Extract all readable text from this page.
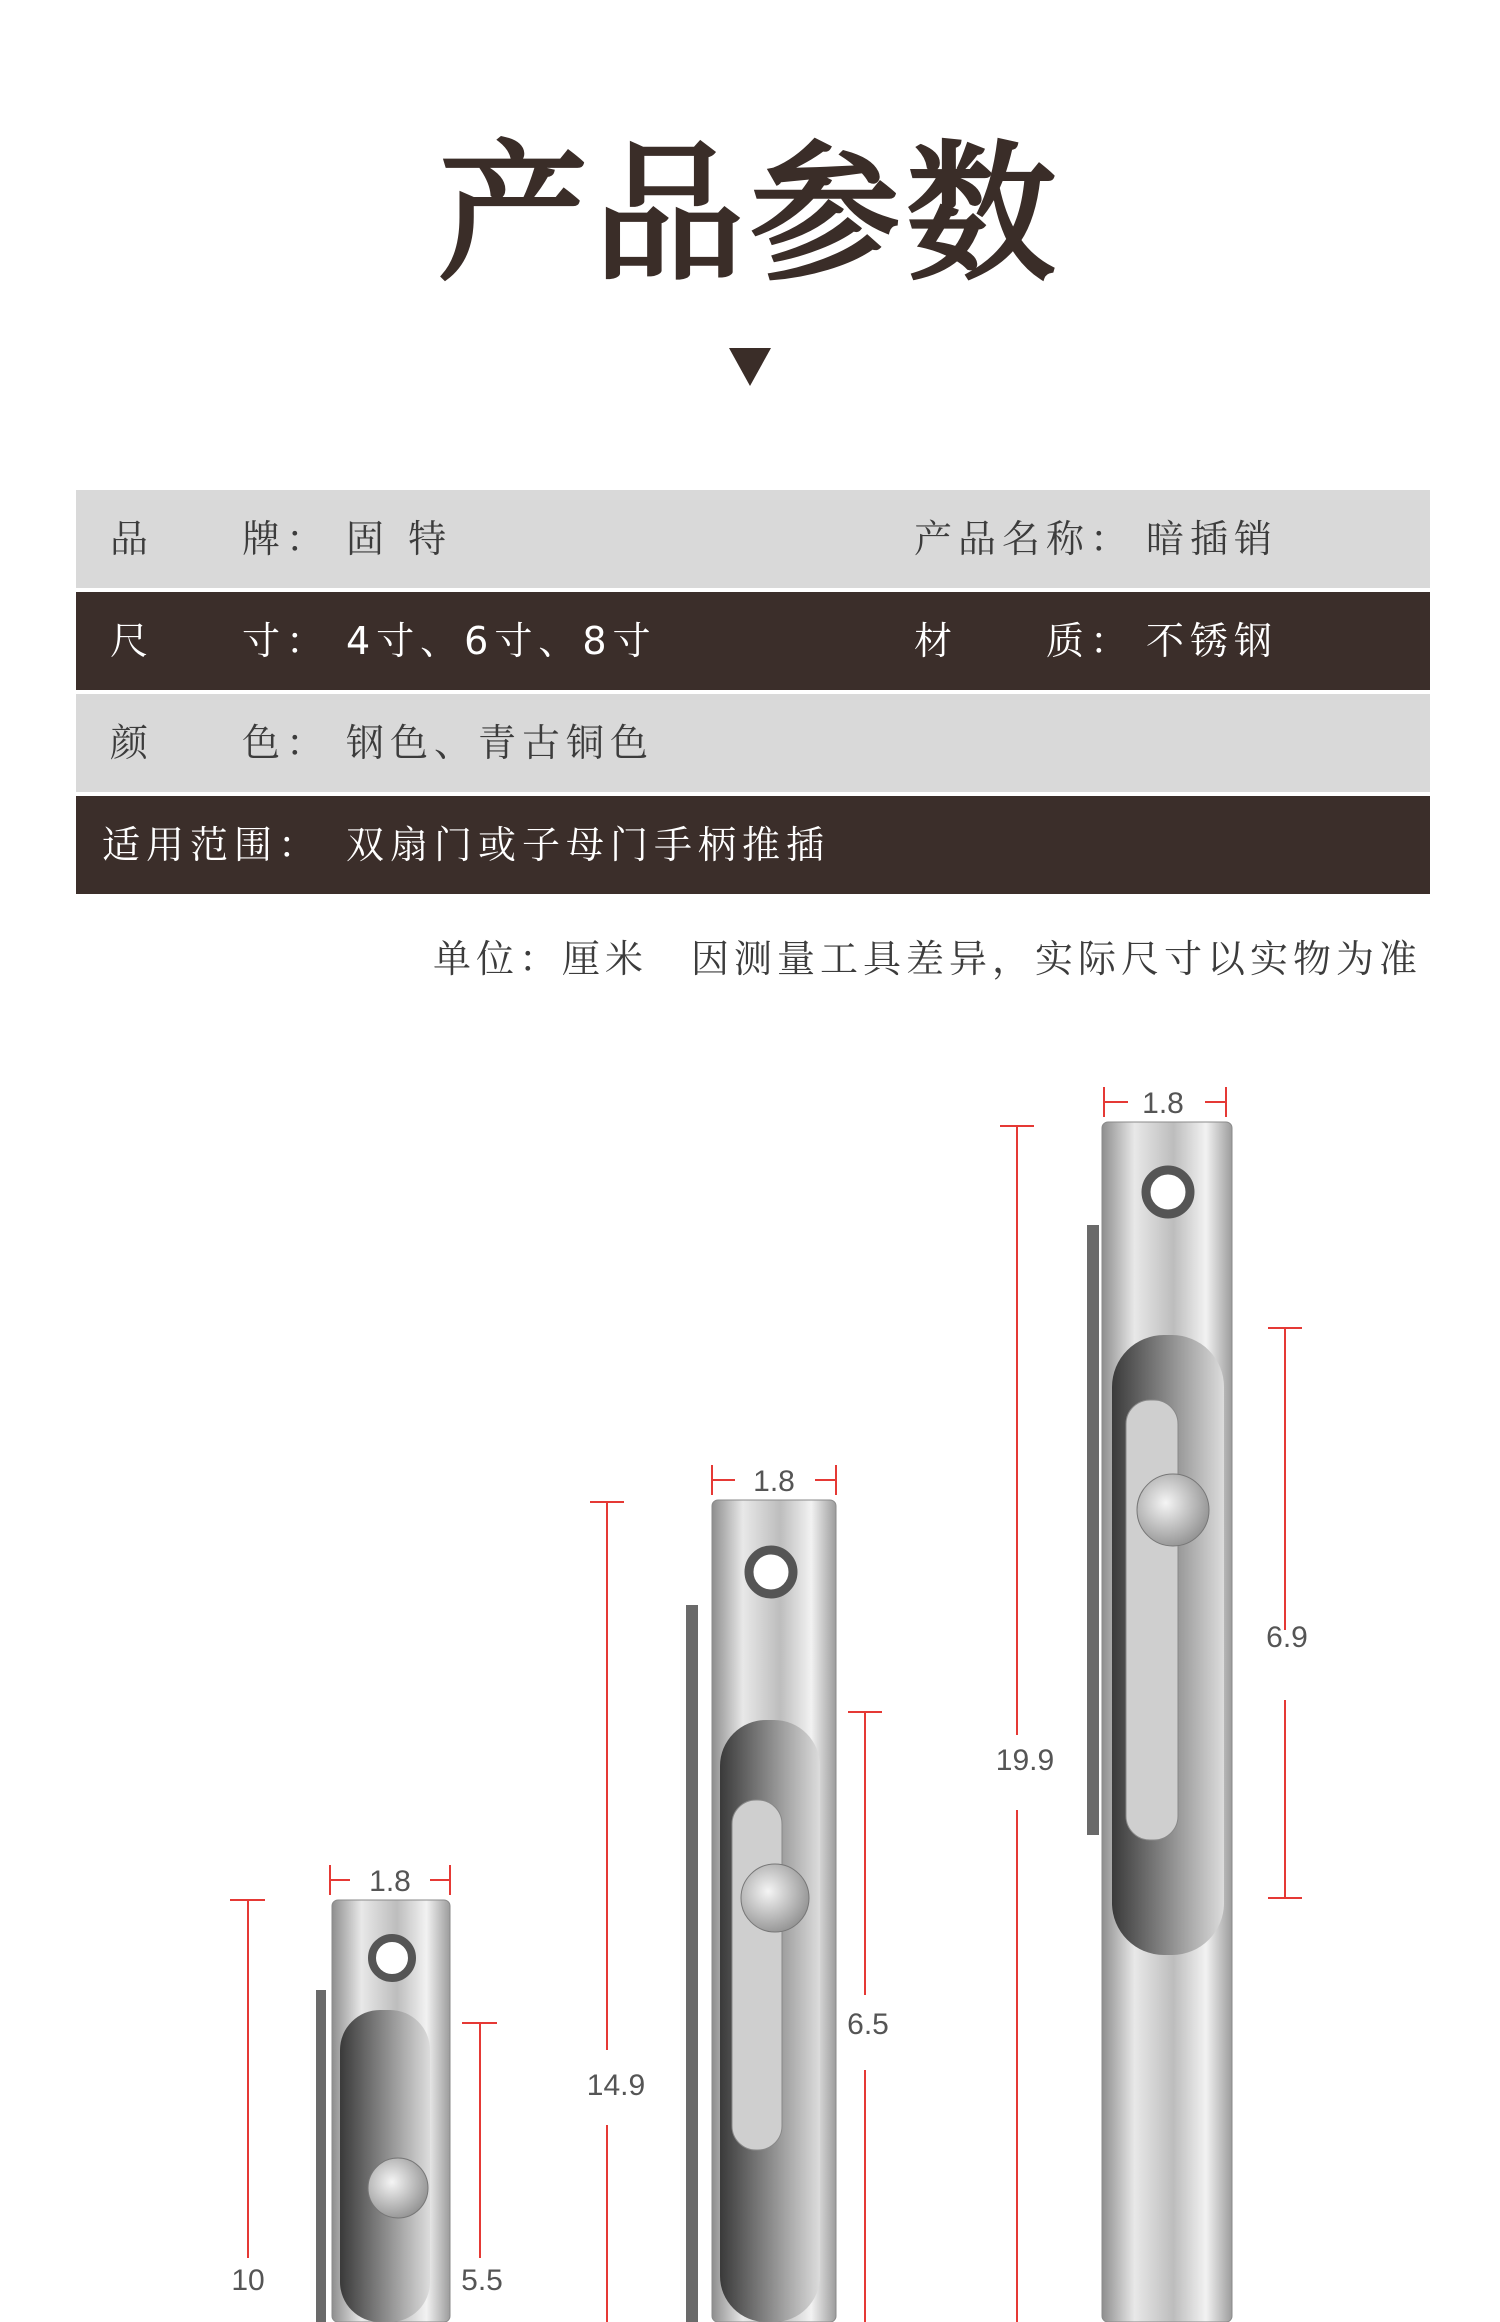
产品参数
品　　牌： 固 特	产品名称： 暗插销
尺　　寸： 4寸、6寸、8寸	材　　质： 不锈钢
颜　　色： 钢色、青古铜色
适用范围： 双扇门或子母门手柄推插
单位：厘米　因测量工具差异，实际尺寸以实物为准
1.8
10	5.5
1.8
14.9
6.5
1.8
19.9
6.9
